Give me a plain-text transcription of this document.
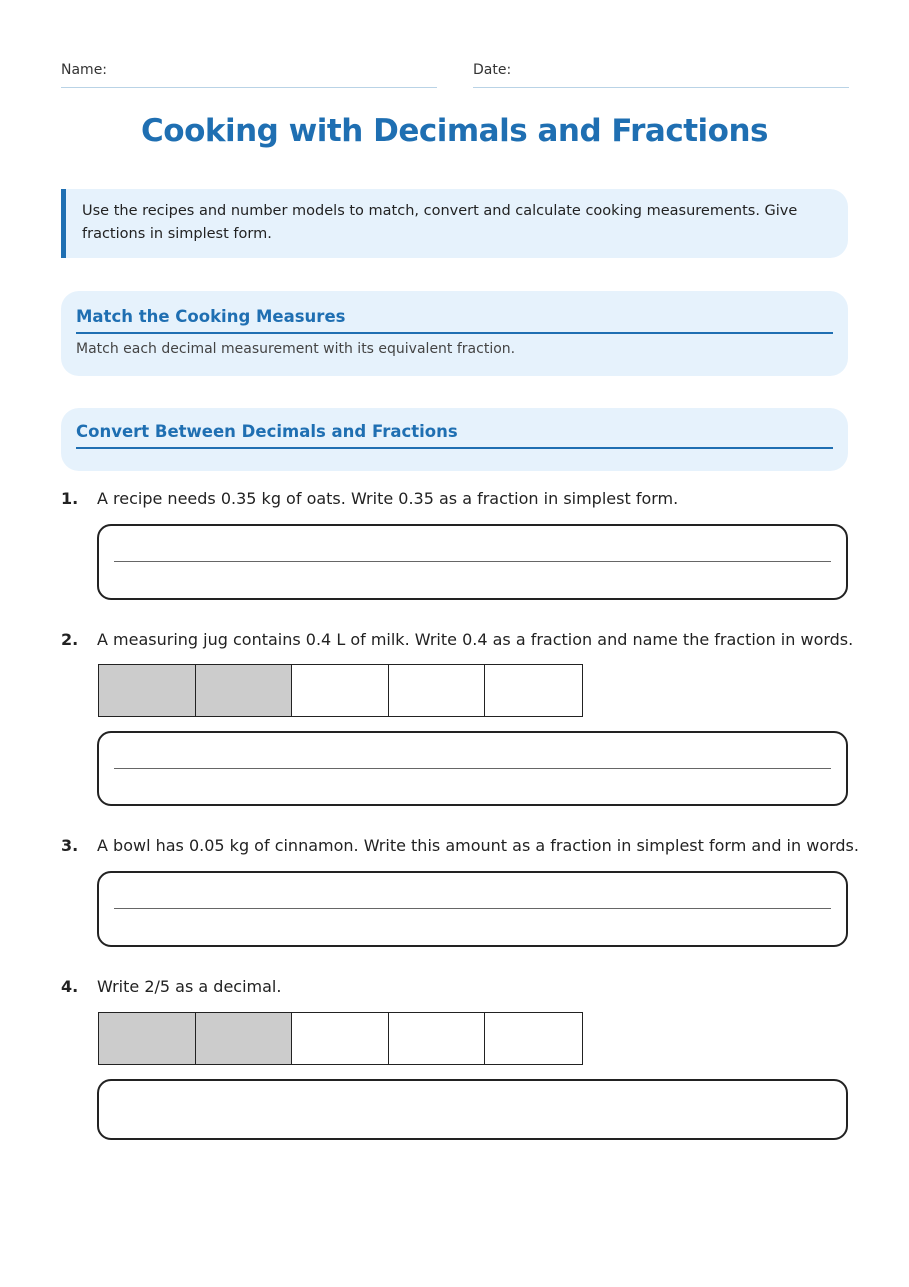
Name:	Date:
Cooking with Decimals and Fractions
Use the recipes and number models to match, convert and calculate cooking measurements. Give fractions in simplest form.
Match the Cooking Measures
Match each decimal measurement with its equivalent fraction.
Convert Between Decimals and Fractions
1. A recipe needs 0.35 kg of oats. Write 0.35 as a fraction in simplest form.
2. A measuring jug contains 0.4 L of milk. Write 0.4 as a fraction and name the fraction in words.
3. A bowl has 0.05 kg of cinnamon. Write this amount as a fraction in simplest form and in words.
4. Write 2/5 as a decimal.
